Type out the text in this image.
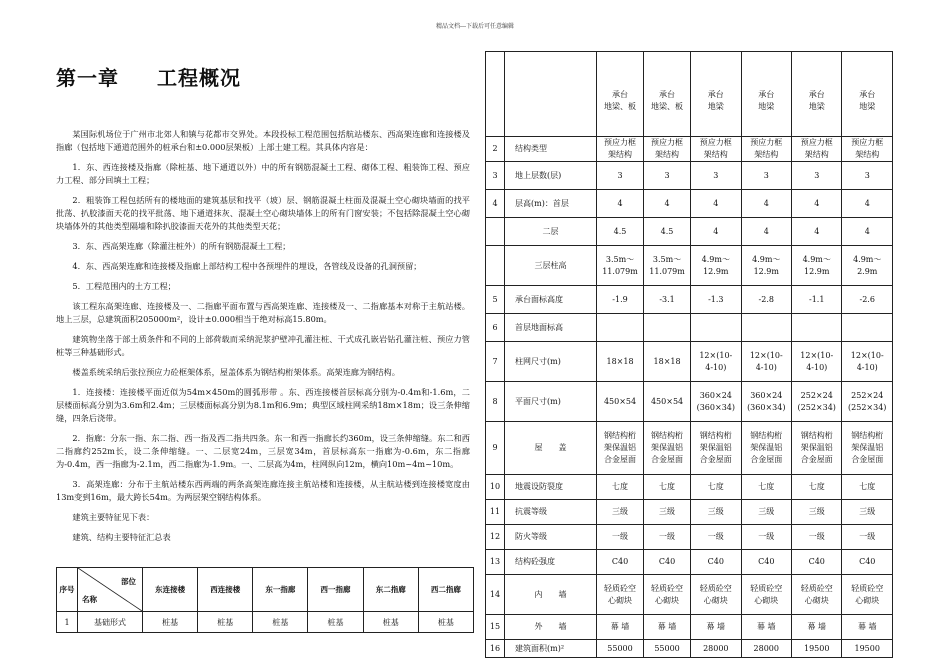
精品文档---下载后可任意编辑
第一章 工程概况

某国际机场位于广州市北郊人和镇与花都市交界处。本段投标工程范围包括航站楼东、西高架连廊和连接楼及指廊（包括地下通道范围外的桩承台和±0.000层架板）上部土建工程。其具体内容是：

1．东、西连接楼及指廊（除桩基、地下通道以外）中的所有钢筋混凝土工程、砌体工程、粗装饰工程、预应力工程、部分回填土工程；

2．粗装饰工程包括所有的楼地面的建筑基层和找平（坡）层、钢筋混凝土柱面及混凝土空心砌块墙面的找平批荡、扒胶漆面天花的找平批荡、地下通道抹灰、混凝土空心砌块墙体上的所有门窗安装；不包括除混凝土空心砌块墙体外的其他类型隔墙和除扒胶漆面天花外的其他类型天花；

3．东、西高架连廊（除灌注桩外）的所有钢筋混凝土工程；

4．东、西高架连廊和连接楼及指廊上部结构工程中各预埋件的埋设，各管线及设备的孔洞预留；

5．工程范围内的土方工程；

该工程东高架连廊、连接楼及一、二指廊平面布置与西高架连廊、连接楼及一、二指廊基本对称于主航站楼。地上三层，总建筑面积205000m²，设计±0.000相当于绝对标高15.80m。

建筑物坐落于部土质条件和不同的上部荷载而采纳泥浆护壁冲孔灌注桩、干式成孔嵌岩钻孔灌注桩、预应力管桩等三种基础形式。

楼盖系统采纳后张拉预应力砼框架体系，屋盖体系为钢结构桁架体系。高架连廊为钢结构。

1．连接楼：连接楼平面近似为54m×450m的圆弧形带 。东、西连接楼首层标高分别为-0.4m和-1.6m，二层楼面标高分别为3.6m和2.4m；三层楼面标高分别为8.1m和6.9m；典型区域柱网采纳18m×18m；设三条伸缩缝，四条后浇带。

2．指廊：分东一指、东二指、西一指及西二指共四条。东一和西一指廊长约360m，设三条伸缩缝。东二和西二指廊约252m长，设二条伸缩缝。一、二层宽24m，三层宽34m，首层标高东一指廊为-0.6m，东二指廊为-0.4m，西一指廊为-2.1m，西二指廊为-1.9m。一、二层高为4m，柱网纵向12m，横向10m~4m~10m。

3．高架连廊：分布于主航站楼东西两端的两条高架连廊连接主航站楼和连接楼，从主航站楼到连接楼宽度由13m变到16m，最大跨长54m。为两层架空钢结构体系。

建筑主要特征见下表：

建筑、结构主要特征汇总表

序号	部位
名称	东连接楼	西连接楼	东一指廊	西一指廊	东二指廊	西二指廊
1	基础形式	桩基	桩基	桩基	桩基	桩基	桩基

		承台
地梁、板	承台
地梁、板	承台
地梁	承台
地梁	承台
地梁	承台
地梁

2	结构类型	预应力框
架结构	预应力框
架结构	预应力框
架结构	预应力框
架结构	预应力框
架结构	预应力框
架结构

3	地上层数(层)	3	3	3	3	3	3

4	层高(m)：首层	4	4	4	4	4	4

	二层	4.5	4.5	4	4	4	4

	三层柱高	3.5m～
11.079m	3.5m～
11.079m	4.9m～
12.9m	4.9m～
12.9m	4.9m～
12.9m	4.9m～
2.9m

5	承台面标高度	-1.9	-3.1	-1.3	-2.8	-1.1	-2.6

6	首层地面标高	

7	柱网尺寸(m)	18×18	18×18	12×(10-
4-10)	12×(10-
4-10)	12×(10-
4-10)	12×(10-
4-10)

8	平面尺寸(m)	450×54	450×54	360×24
(360×34)	360×24
(360×34)	252×24
(252×34)	252×24
(252×34)

9	屋　　盖	钢结构桁
架保温铝
合金屋面	钢结构桁
架保温铝
合金屋面	钢结构桁
架保温铝
合金屋面	钢结构桁
架保温铝
合金屋面	钢结构桁
架保温铝
合金屋面	钢结构桁
架保温铝
合金屋面

10	地震设防裂度	七度	七度	七度	七度	七度	七度

11	抗震等级	三级	三级	三级	三级	三级	三级

12	防火等级	一级	一级	一级	一级	一级	一级

13	结构砼强度	C40	C40	C40	C40	C40	C40

14	内　　墙	轻质砼空
心砌块	轻质砼空
心砌块	轻质砼空
心砌块	轻质砼空
心砌块	轻质砼空
心砌块	轻质砼空
心砌块

15	外　　墙	幕 墙	幕 墙	幕 墙	幕 墙	幕 墙	幕 墙

16	建筑面积(m)²	55000	55000	28000	28000	19500	19500
